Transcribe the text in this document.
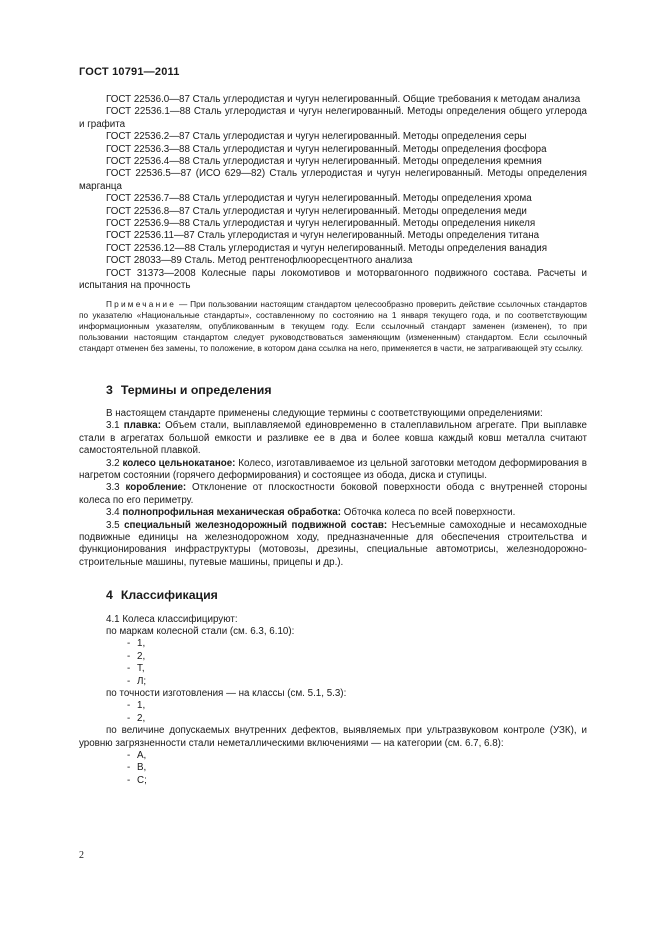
ГОСТ 10791—2011

ГОСТ 22536.0—87 Сталь углеродистая и чугун нелегированный. Общие требования к методам анализа

ГОСТ 22536.1—88 Сталь углеродистая и чугун нелегированный. Методы определения общего углерода и графита

ГОСТ 22536.2—87 Сталь углеродистая и чугун нелегированный. Методы определения серы

ГОСТ 22536.3—88 Сталь углеродистая и чугун нелегированный. Методы определения фосфора

ГОСТ 22536.4—88 Сталь углеродистая и чугун нелегированный. Методы определения кремния

ГОСТ 22536.5—87 (ИСО 629—82) Сталь углеродистая и чугун нелегированный. Методы определения марганца

ГОСТ 22536.7—88 Сталь углеродистая и чугун нелегированный. Методы определения хрома

ГОСТ 22536.8—87 Сталь углеродистая и чугун нелегированный. Методы определения меди

ГОСТ 22536.9—88 Сталь углеродистая и чугун нелегированный. Методы определения никеля

ГОСТ 22536.11—87 Сталь углеродистая и чугун нелегированный. Методы определения титана

ГОСТ 22536.12—88 Сталь углеродистая и чугун нелегированный. Методы определения ванадия

ГОСТ 28033—89 Сталь. Метод рентгенофлюоресцентного анализа

ГОСТ 31373—2008 Колесные пары локомотивов и моторвагонного подвижного состава. Расчеты и испытания на прочность

Примечание — При пользовании настоящим стандартом целесообразно проверить действие ссылочных стандартов по указателю «Национальные стандарты», составленному по состоянию на 1 января текущего года, и по соответствующим информационным указателям, опубликованным в текущем году. Если ссылочный стандарт заменен (изменен), то при пользовании настоящим стандартом следует руководствоваться заменяющим (измененным) стандартом. Если ссылочный стандарт отменен без замены, то положение, в котором дана ссылка на него, применяется в части, не затрагивающей эту ссылку.

3 Термины и определения

В настоящем стандарте применены следующие термины с соответствующими определениями:

3.1 плавка: Объем стали, выплавляемой единовременно в сталеплавильном агрегате. При выплавке стали в агрегатах большой емкости и разливке ее в два и более ковша каждый ковш металла считают самостоятельной плавкой.

3.2 колесо цельнокатаное: Колесо, изготавливаемое из цельной заготовки методом деформирования в нагретом состоянии (горячего деформирования) и состоящее из обода, диска и ступицы.

3.3 коробление: Отклонение от плоскостности боковой поверхности обода с внутренней стороны колеса по его периметру.

3.4 полнопрофильная механическая обработка: Обточка колеса по всей поверхности.

3.5 специальный железнодорожный подвижной состав: Несъемные самоходные и несамоходные подвижные единицы на железнодорожном ходу, предназначенные для обеспечения строительства и функционирования инфраструктуры (мотовозы, дрезины, специальные автомотрисы, железнодорожно-строительные машины, путевые машины, прицепы и др.).

4 Классификация

4.1 Колеса классифицируют:

по маркам колесной стали (см. 6.3, 6.10):

- 1,

- 2,

- Т,

- Л;

по точности изготовления — на классы (см. 5.1, 5.3):

- 1,

- 2,

по величине допускаемых внутренних дефектов, выявляемых при ультразвуковом контроле (УЗК), и уровню загрязненности стали неметаллическими включениями — на категории (см. 6.7, 6.8):

- А,

- В,

- С;

2
